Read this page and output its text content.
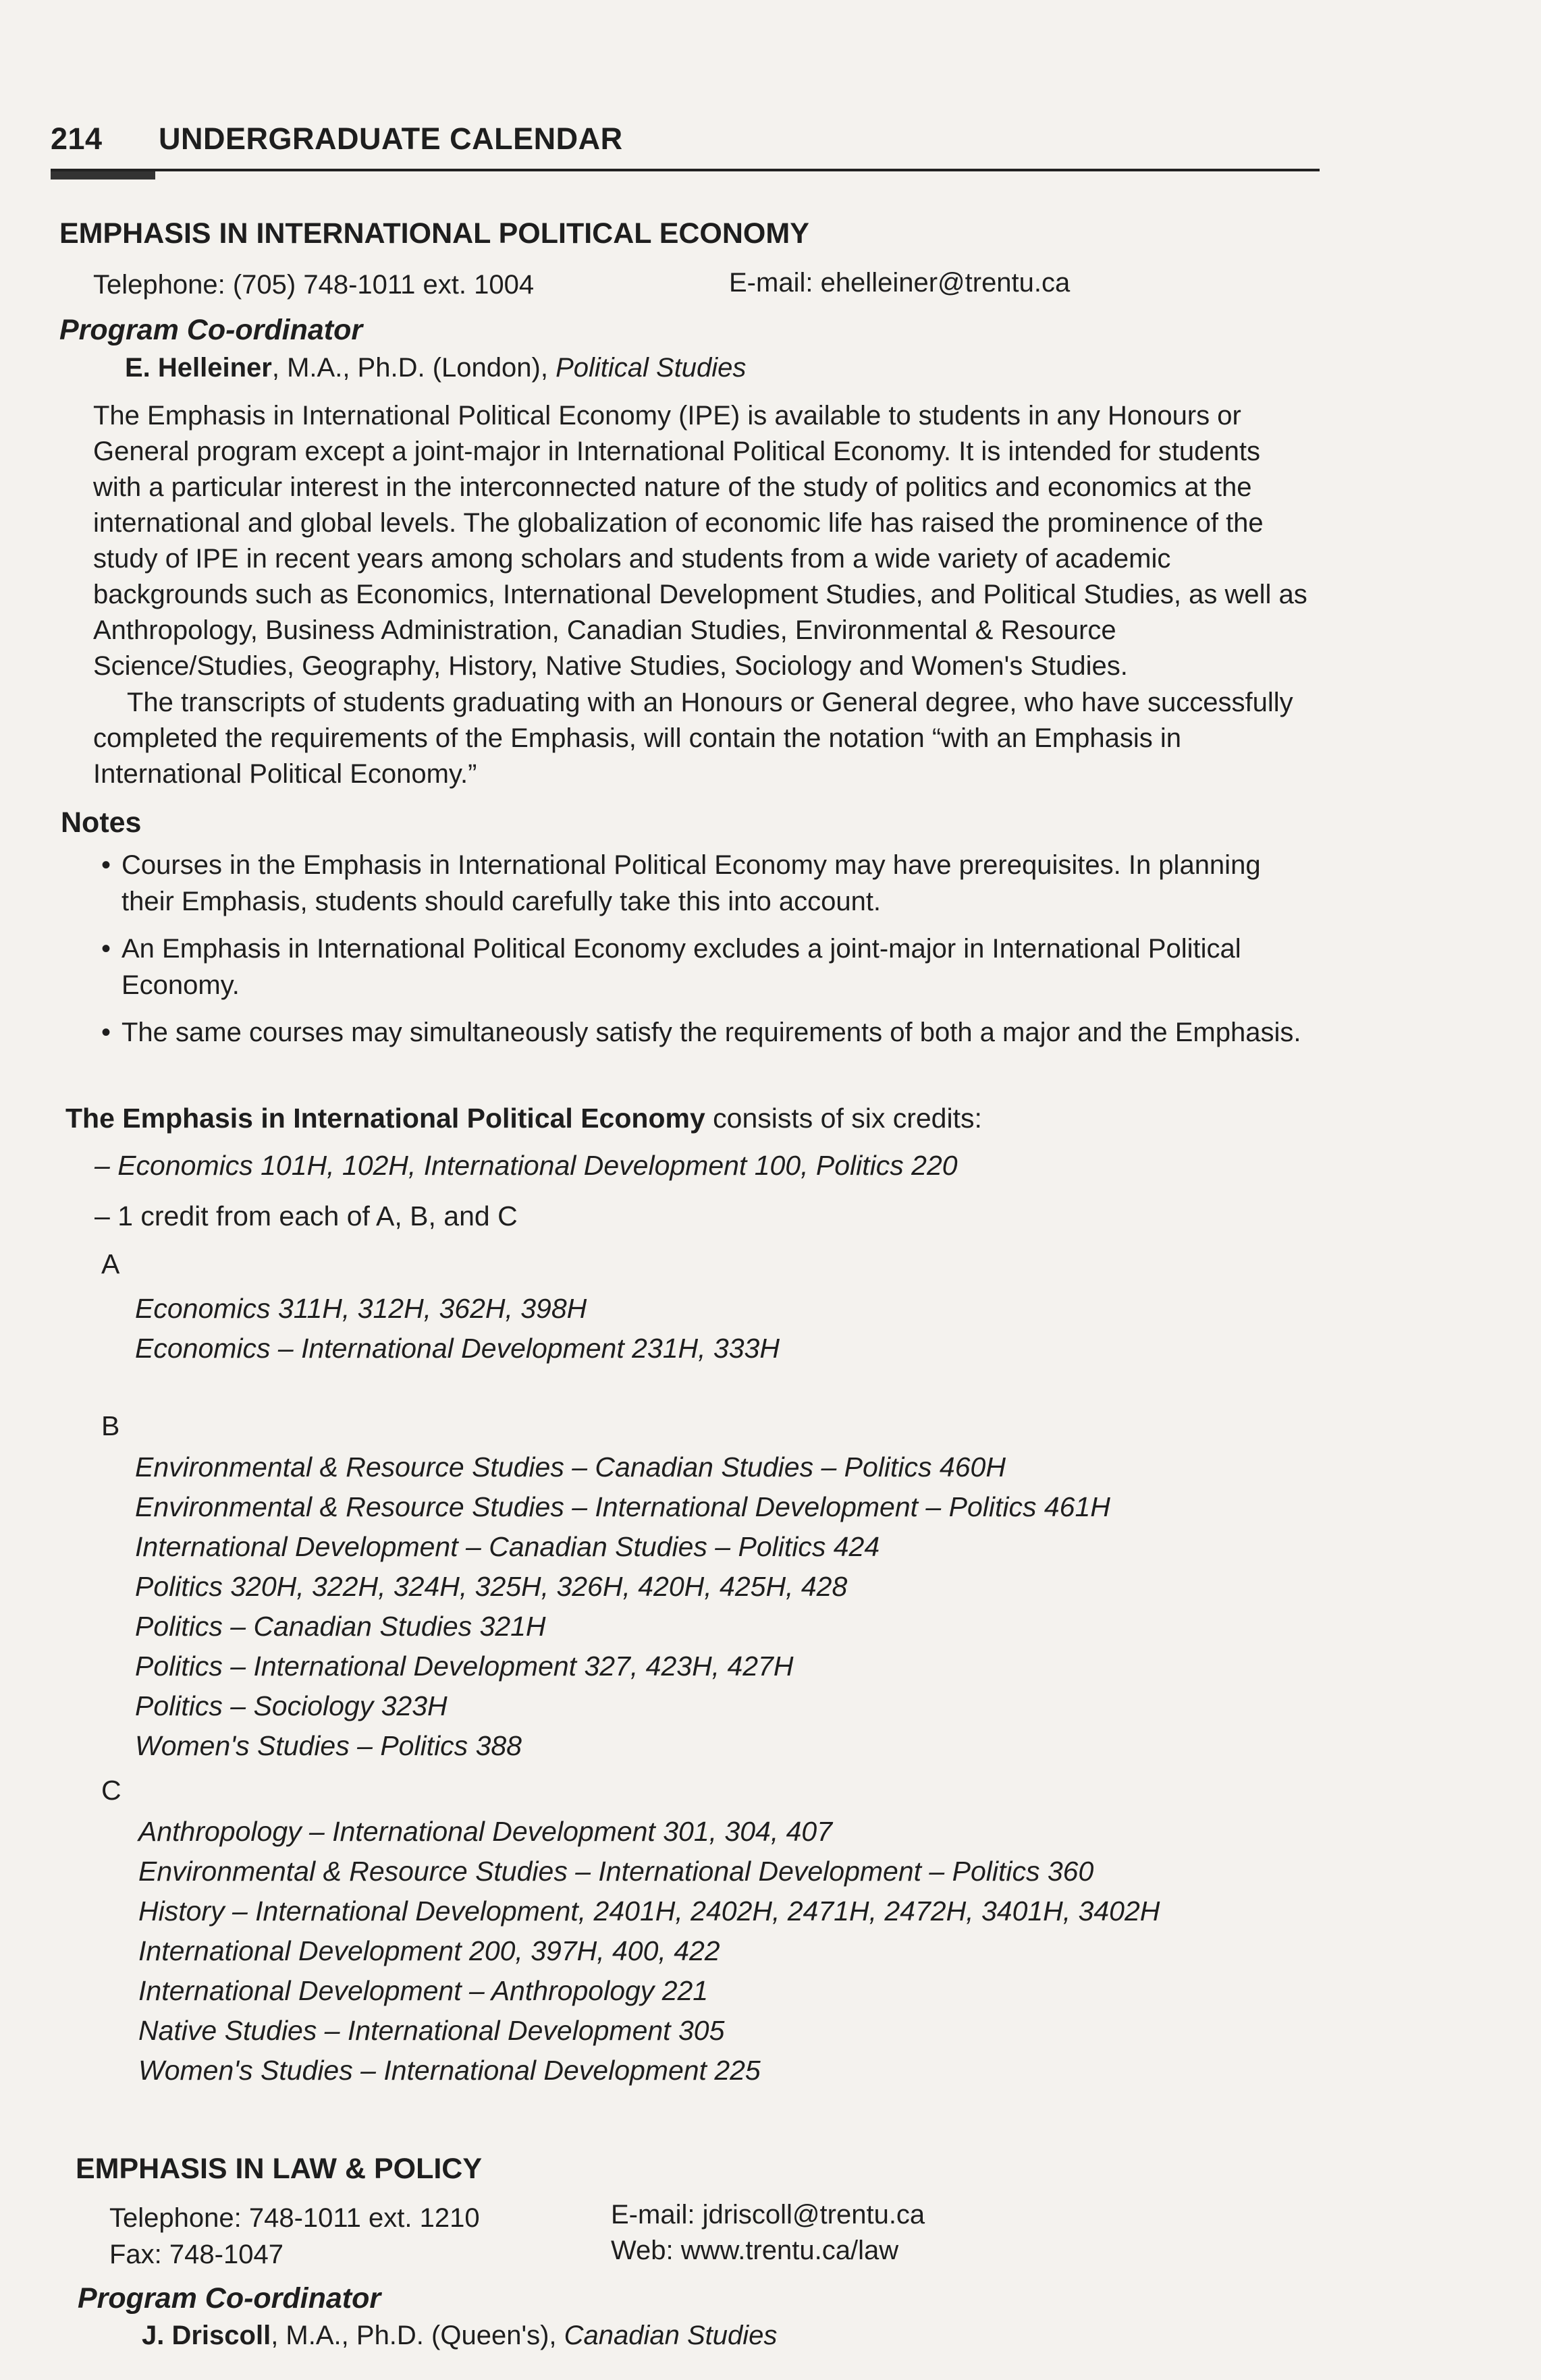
214 UNDERGRADUATE CALENDAR
EMPHASIS IN INTERNATIONAL POLITICAL ECONOMY
Telephone: (705) 748-1011 ext. 1004	E-mail: ehelleiner@trentu.ca
Program Co-ordinator
E. Helleiner, M.A., Ph.D. (London), Political Studies
The Emphasis in International Political Economy (IPE) is available to students in any Honours or General program except a joint-major in International Political Economy. It is intended for students with a particular interest in the interconnected nature of the study of politics and economics at the international and global levels. The globalization of economic life has raised the prominence of the study of IPE in recent years among scholars and students from a wide variety of academic backgrounds such as Economics, International Development Studies, and Political Studies, as well as Anthropology, Business Administration, Canadian Studies, Environmental & Resource Science/Studies, Geography, History, Native Studies, Sociology and Women's Studies.
The transcripts of students graduating with an Honours or General degree, who have successfully completed the requirements of the Emphasis, will contain the notation “with an Emphasis in International Political Economy.”
Notes
• Courses in the Emphasis in International Political Economy may have prerequisites. In planning their Emphasis, students should carefully take this into account.
• An Emphasis in International Political Economy excludes a joint-major in International Political Economy.
• The same courses may simultaneously satisfy the requirements of both a major and the Emphasis.
The Emphasis in International Political Economy consists of six credits:
– Economics 101H, 102H, International Development 100, Politics 220
– 1 credit from each of A, B, and C
A
Economics 311H, 312H, 362H, 398H
Economics – International Development 231H, 333H
B
Environmental & Resource Studies – Canadian Studies – Politics 460H
Environmental & Resource Studies – International Development – Politics 461H
International Development – Canadian Studies – Politics 424
Politics 320H, 322H, 324H, 325H, 326H, 420H, 425H, 428
Politics – Canadian Studies 321H
Politics – International Development 327, 423H, 427H
Politics – Sociology 323H
Women's Studies – Politics 388
C
Anthropology – International Development 301, 304, 407
Environmental & Resource Studies – International Development – Politics 360
History – International Development, 2401H, 2402H, 2471H, 2472H, 3401H, 3402H
International Development 200, 397H, 400, 422
International Development – Anthropology 221
Native Studies – International Development 305
Women's Studies – International Development 225
EMPHASIS IN LAW & POLICY
Telephone: 748-1011 ext. 1210
Fax: 748-1047
E-mail: jdriscoll@trentu.ca
Web: www.trentu.ca/law
Program Co-ordinator
J. Driscoll, M.A., Ph.D. (Queen's), Canadian Studies
